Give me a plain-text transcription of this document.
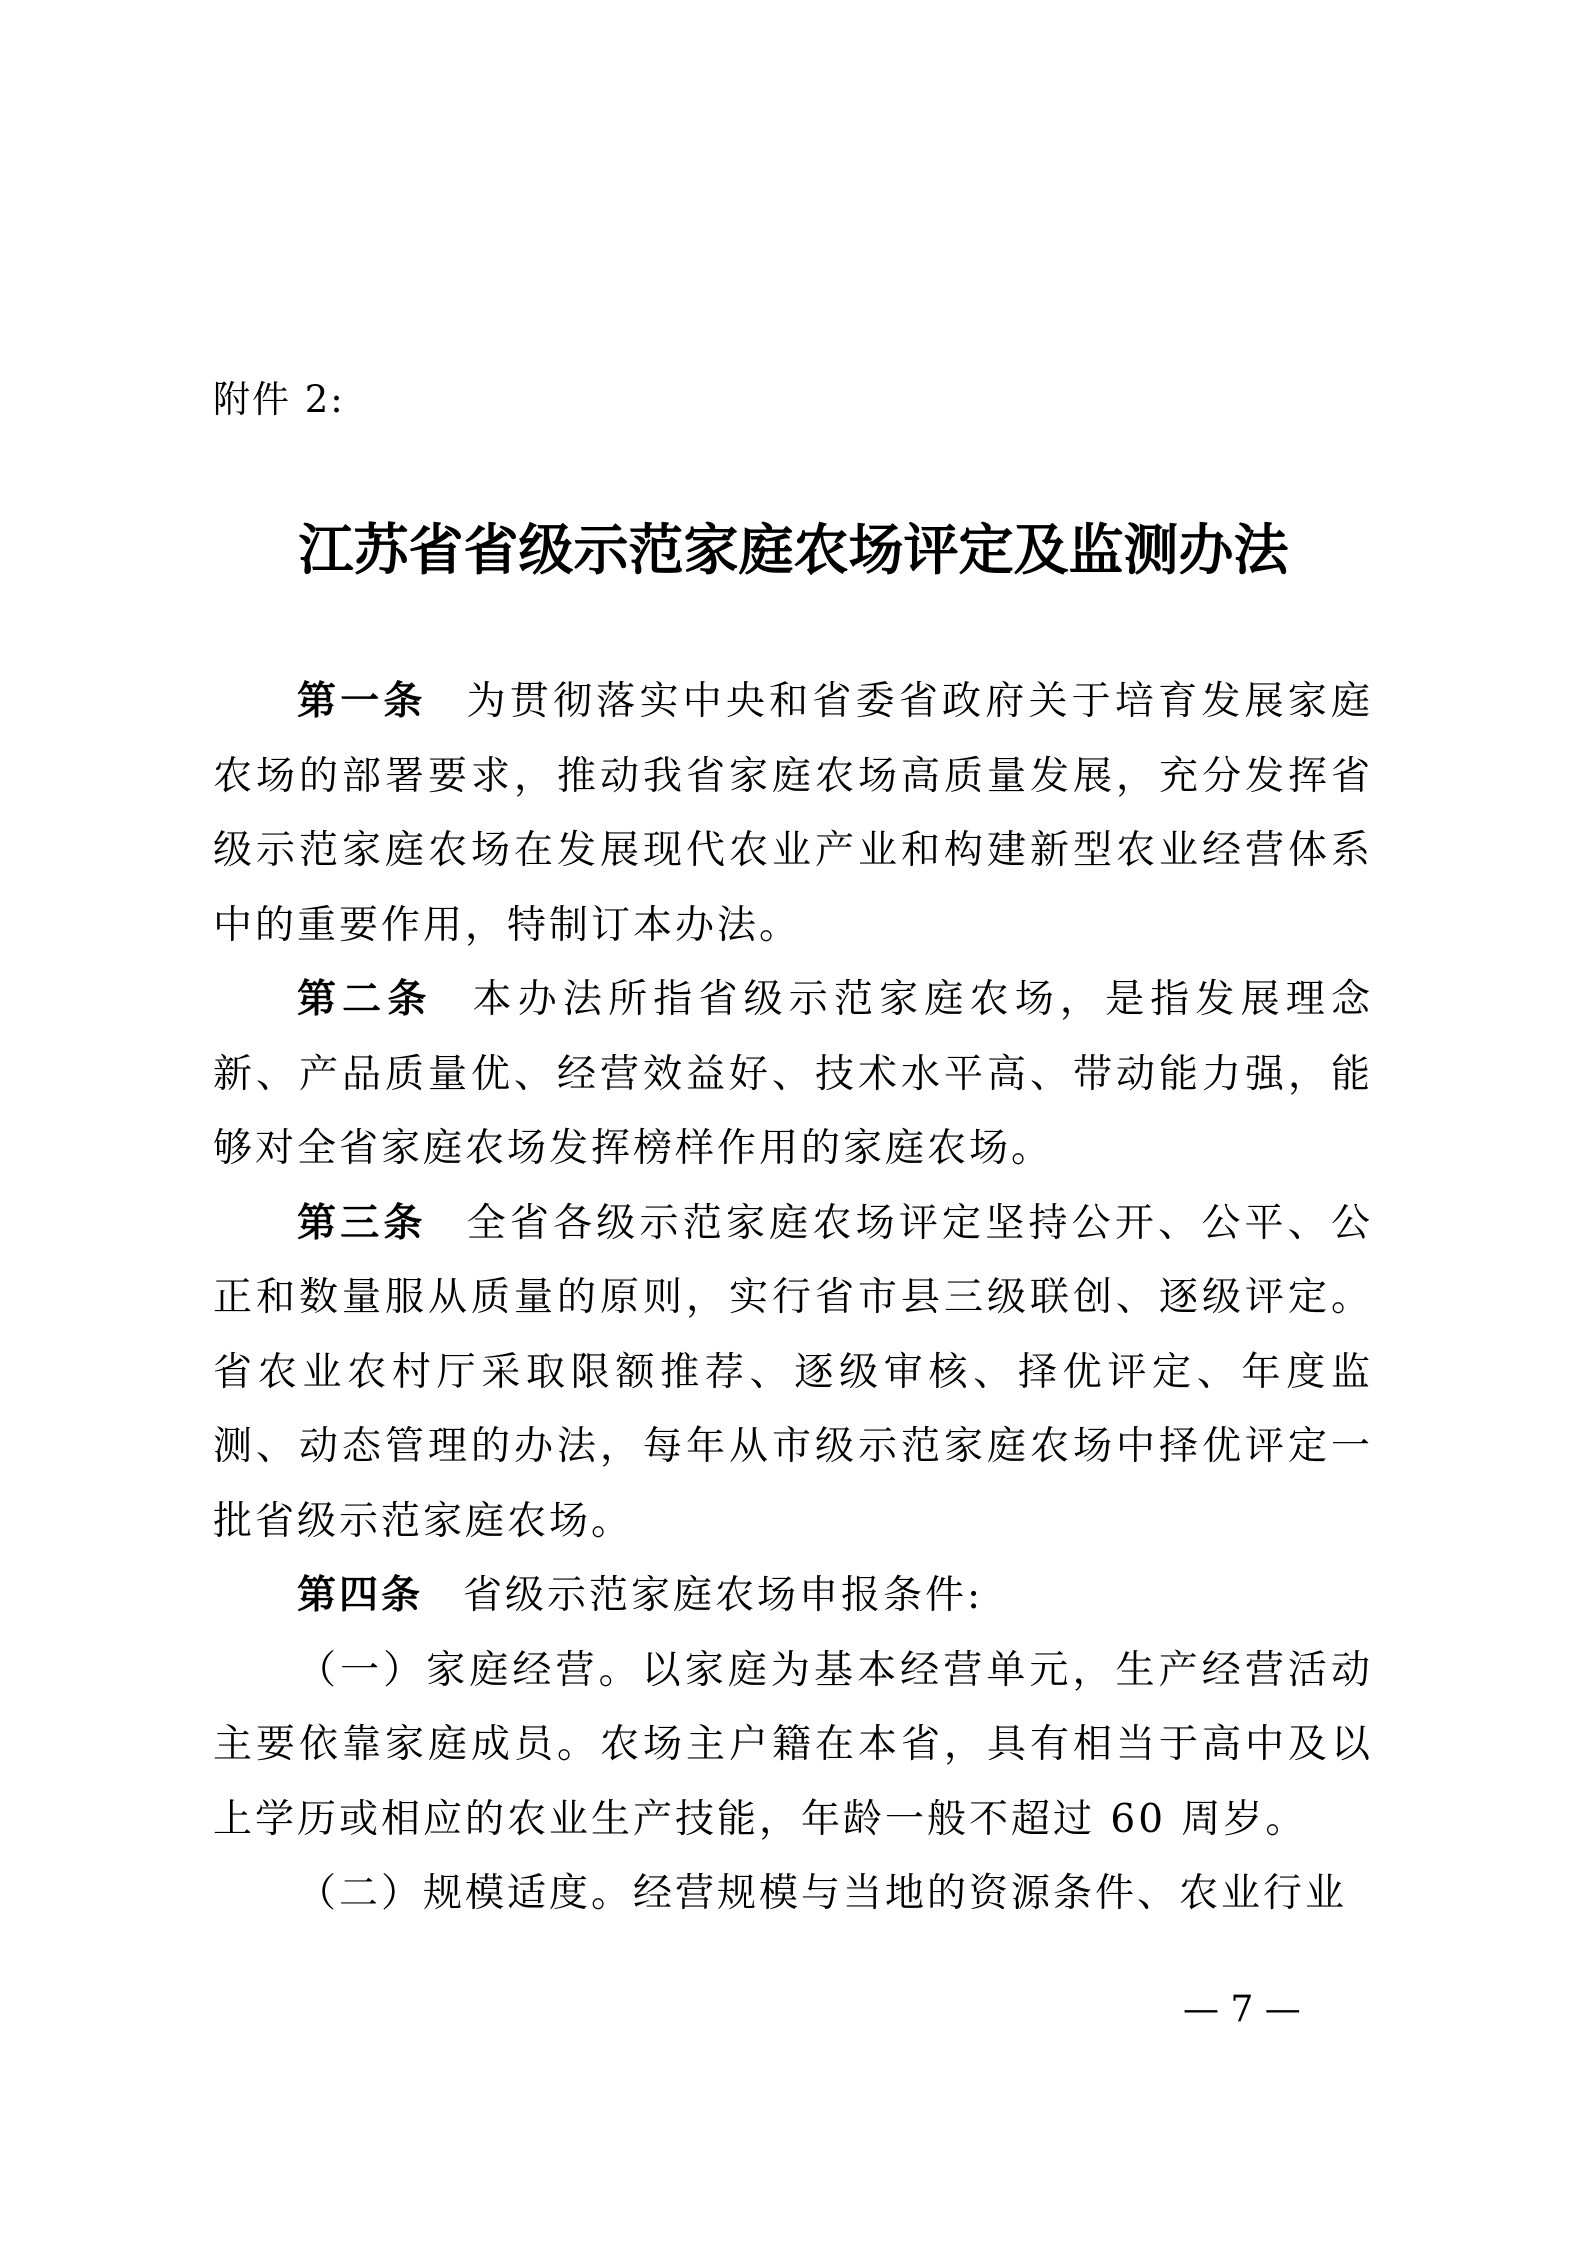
附件 2:
江苏省省级示范家庭农场评定及监测办法

第一条 为贯彻落实中央和省委省政府关于培育发展家庭农场的部署要求，推动我省家庭农场高质量发展，充分发挥省级示范家庭农场在发展现代农业产业和构建新型农业经营体系中的重要作用，特制订本办法。

第二条 本办法所指省级示范家庭农场，是指发展理念新、产品质量优、经营效益好、技术水平高、带动能力强，能够对全省家庭农场发挥榜样作用的家庭农场。

第三条 全省各级示范家庭农场评定坚持公开、公平、公正和数量服从质量的原则，实行省市县三级联创、逐级评定。省农业农村厅采取限额推荐、逐级审核、择优评定、年度监测、动态管理的办法，每年从市级示范家庭农场中择优评定一批省级示范家庭农场。

第四条 省级示范家庭农场申报条件:

（一）家庭经营。以家庭为基本经营单元，生产经营活动主要依靠家庭成员。农场主户籍在本省，具有相当于高中及以上学历或相应的农业生产技能，年龄一般不超过 60 周岁。

（二）规模适度。经营规模与当地的资源条件、农业行业

— 7 —
